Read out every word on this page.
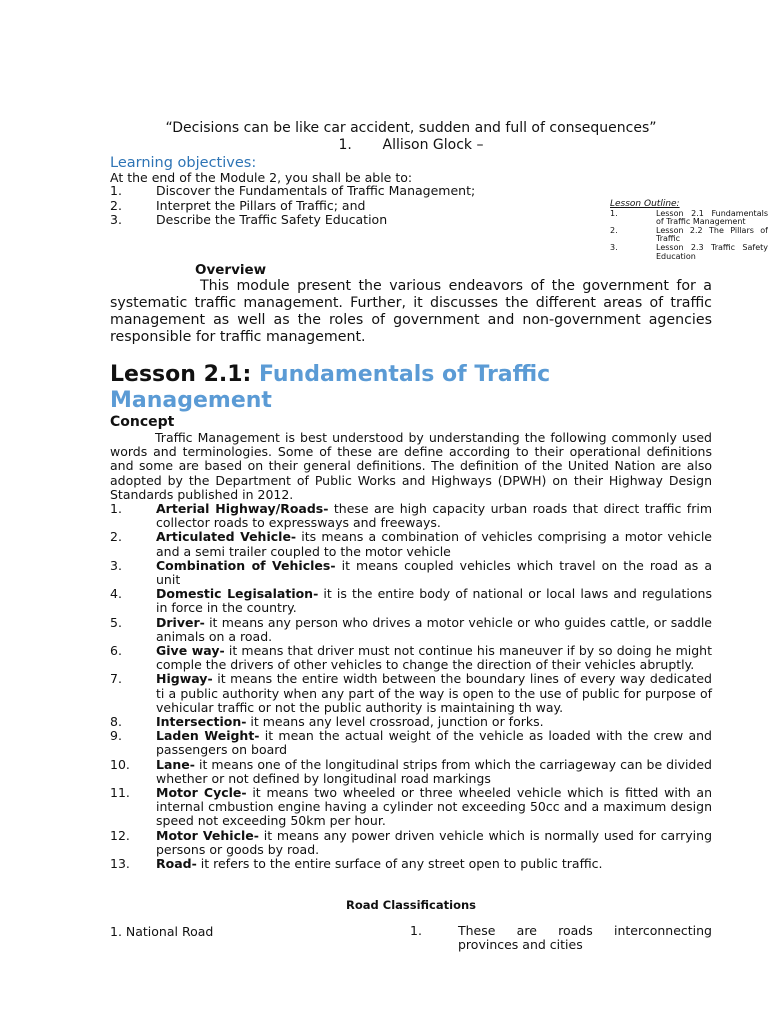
“Decisions can be like car accident, sudden and full of consequences”
1. Allison Glock –
Learning objectives:
At the end of the Module 2, you shall be able to:
1.	Discover the Fundamentals of Traffic Management;
2.	Interpret the Pillars of Traffic; and
3.	Describe the Traffic Safety Education
Lesson Outline:
1.	Lesson 2.1 Fundamentals of Traffic Management
2.	Lesson 2.2 The Pillars of Traffic
3.	Lesson 2.3 Traffic Safety Education
Overview
This module present the various endeavors of the government for a systematic traffic management. Further, it discusses the different areas of traffic management as well as the roles of government and non-government agencies responsible for traffic management.
Lesson 2.1: Fundamentals of Traffic Management
Concept
Traffic Management is best understood by understanding the following commonly used words and terminologies. Some of these are define according to their operational definitions and some are based on their general definitions. The definition of the United Nation are also adopted by the Department of Public Works and Highways (DPWH) on their Highway Design Standards published in 2012.
1.	Arterial Highway/Roads- these are high capacity urban roads that direct traffic frim collector roads to expressways and freeways.
2.	Articulated Vehicle- its means a combination of vehicles comprising a motor vehicle and a semi trailer coupled to the motor vehicle
3.	Combination of Vehicles- it means coupled vehicles which travel on the road as a unit
4.	Domestic Legisalation- it is the entire body of national or local laws and regulations in force in the country.
5.	Driver- it means any person who drives a motor vehicle or who guides cattle, or saddle animals on a road.
6.	Give way- it means that driver must not continue his maneuver if by so doing he might comple the drivers of other vehicles to change the direction of their vehicles abruptly.
7.	Higway- it means the entire width between the boundary lines of every way dedicated ti a public authority when any part of the way is open to the use of public for purpose of vehicular traffic or not the public authority is maintaining th way.
8.	Intersection- it means any level crossroad, junction or forks.
9.	Laden Weight- it mean the actual weight of the vehicle as loaded with the crew and passengers on board
10.	Lane- it means one of the longitudinal strips from which the carriageway can be divided whether or not defined by longitudinal road markings
11.	Motor Cycle- it means two wheeled or three wheeled vehicle which is fitted with an internal cmbustion engine having a cylinder not exceeding 50cc and a maximum design speed not exceeding 50km per hour.
12.	Motor Vehicle- it means any power driven vehicle which is normally used for carrying persons or goods by road.
13.	Road- it refers to the entire surface of any street open to public traffic.
Road Classifications
1. National Road	1.	These are roads interconnecting provinces and cities
